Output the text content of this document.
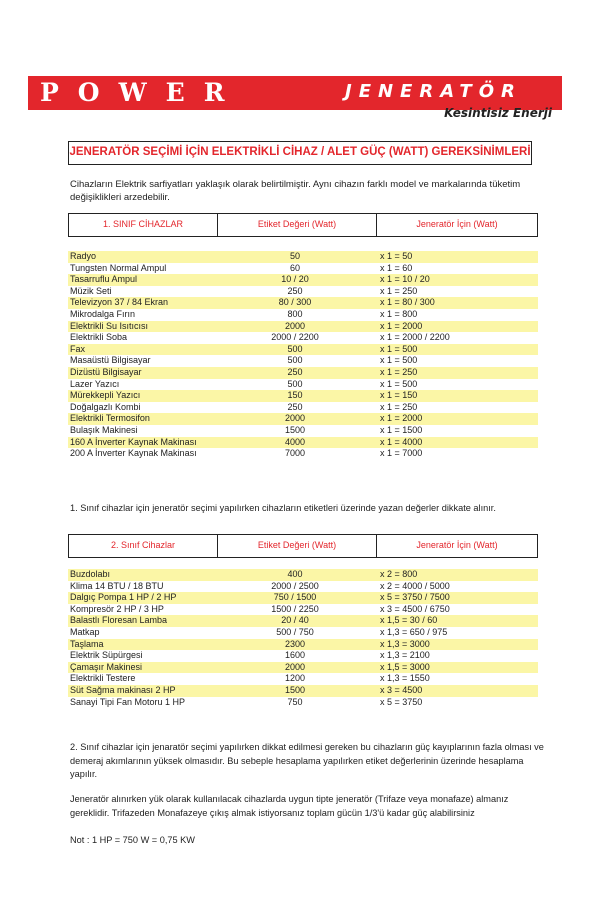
POWER	JENERATÖR
Kesintisiz Enerji
JENERATÖR SEÇİMİ İÇİN ELEKTRİKLİ CİHAZ / ALET GÜÇ (WATT) GEREKSİNİMLERİ
Cihazların Elektrik sarfiyatları yaklaşık olarak belirtilmiştir. Aynı cihazın farklı model ve markalarında tüketim değişiklikleri arzedebilir.
1. SINIF CİHAZLAR	Etiket Değeri (Watt)	Jeneratör İçin (Watt)
Radyo	50	x 1 = 50
Tungsten Normal Ampul	60	x 1 = 60
Tasarruflu Ampul	10 / 20	x 1 = 10 / 20
Müzik Seti	250	x 1 = 250
Televizyon 37 / 84 Ekran	80 / 300	x 1 = 80 / 300
Mikrodalga Fırın	800	x 1 = 800
Elektrikli Su Isıtıcısı	2000	x 1 = 2000
Elektrikli Soba	2000 / 2200	x 1 = 2000 / 2200
Fax	500	x 1 = 500
Masaüstü Bilgisayar	500	x 1 = 500
Dizüstü Bilgisayar	250	x 1 = 250
Lazer Yazıcı	500	x 1 = 500
Mürekkepli Yazıcı	150	x 1 = 150
Doğalgazlı Kombi	250	x 1 = 250
Elektrikli Termosifon	2000	x 1 = 2000
Bulaşık Makinesi	1500	x 1 = 1500
160 A İnverter Kaynak Makinası	4000	x 1 = 4000
200 A İnverter Kaynak Makinası	7000	x 1 = 7000
1. Sınıf cihazlar için jeneratör seçimi yapılırken cihazların etiketleri üzerinde yazan değerler dikkate alınır.
2. Sınıf Cihazlar	Etiket Değeri (Watt)	Jeneratör İçin (Watt)
Buzdolabı	400	x 2 = 800
Klima 14 BTU / 18 BTU	2000 / 2500	x 2 = 4000 / 5000
Dalgıç Pompa 1 HP / 2 HP	750 / 1500	x 5 = 3750 / 7500
Kompresör 2 HP / 3 HP	1500 / 2250	x 3 = 4500 / 6750
Balastlı Floresan Lamba	20 / 40	x 1,5 = 30 / 60
Matkap	500 / 750	x 1,3 = 650 / 975
Taşlama	2300	x 1,3 = 3000
Elektrik Süpürgesi	1600	x 1,3 = 2100
Çamaşır Makinesi	2000	x 1,5 = 3000
Elektrikli Testere	1200	x 1,3 = 1550
Süt Sağma makinası 2 HP	1500	x 3 = 4500
Sanayi Tipi Fan Motoru 1 HP	750	x 5 = 3750
2. Sınıf cihazlar için jenaratör seçimi yapılırken dikkat edilmesi gereken bu cihazların güç kayıplarının fazla olması ve demeraj akımlarının yüksek olmasıdır. Bu sebeple hesaplama yapılırken etiket değerlerinin üzerinde hesaplama yapılır.
Jeneratör alınırken yük olarak kullanılacak cihazlarda uygun tipte jeneratör (Trifaze veya monafaze) almanız gereklidir. Trifazeden Monafazeye çıkış almak istiyorsanız toplam gücün 1/3'ü kadar güç alabilirsiniz
Not : 1 HP = 750 W = 0,75 KW
